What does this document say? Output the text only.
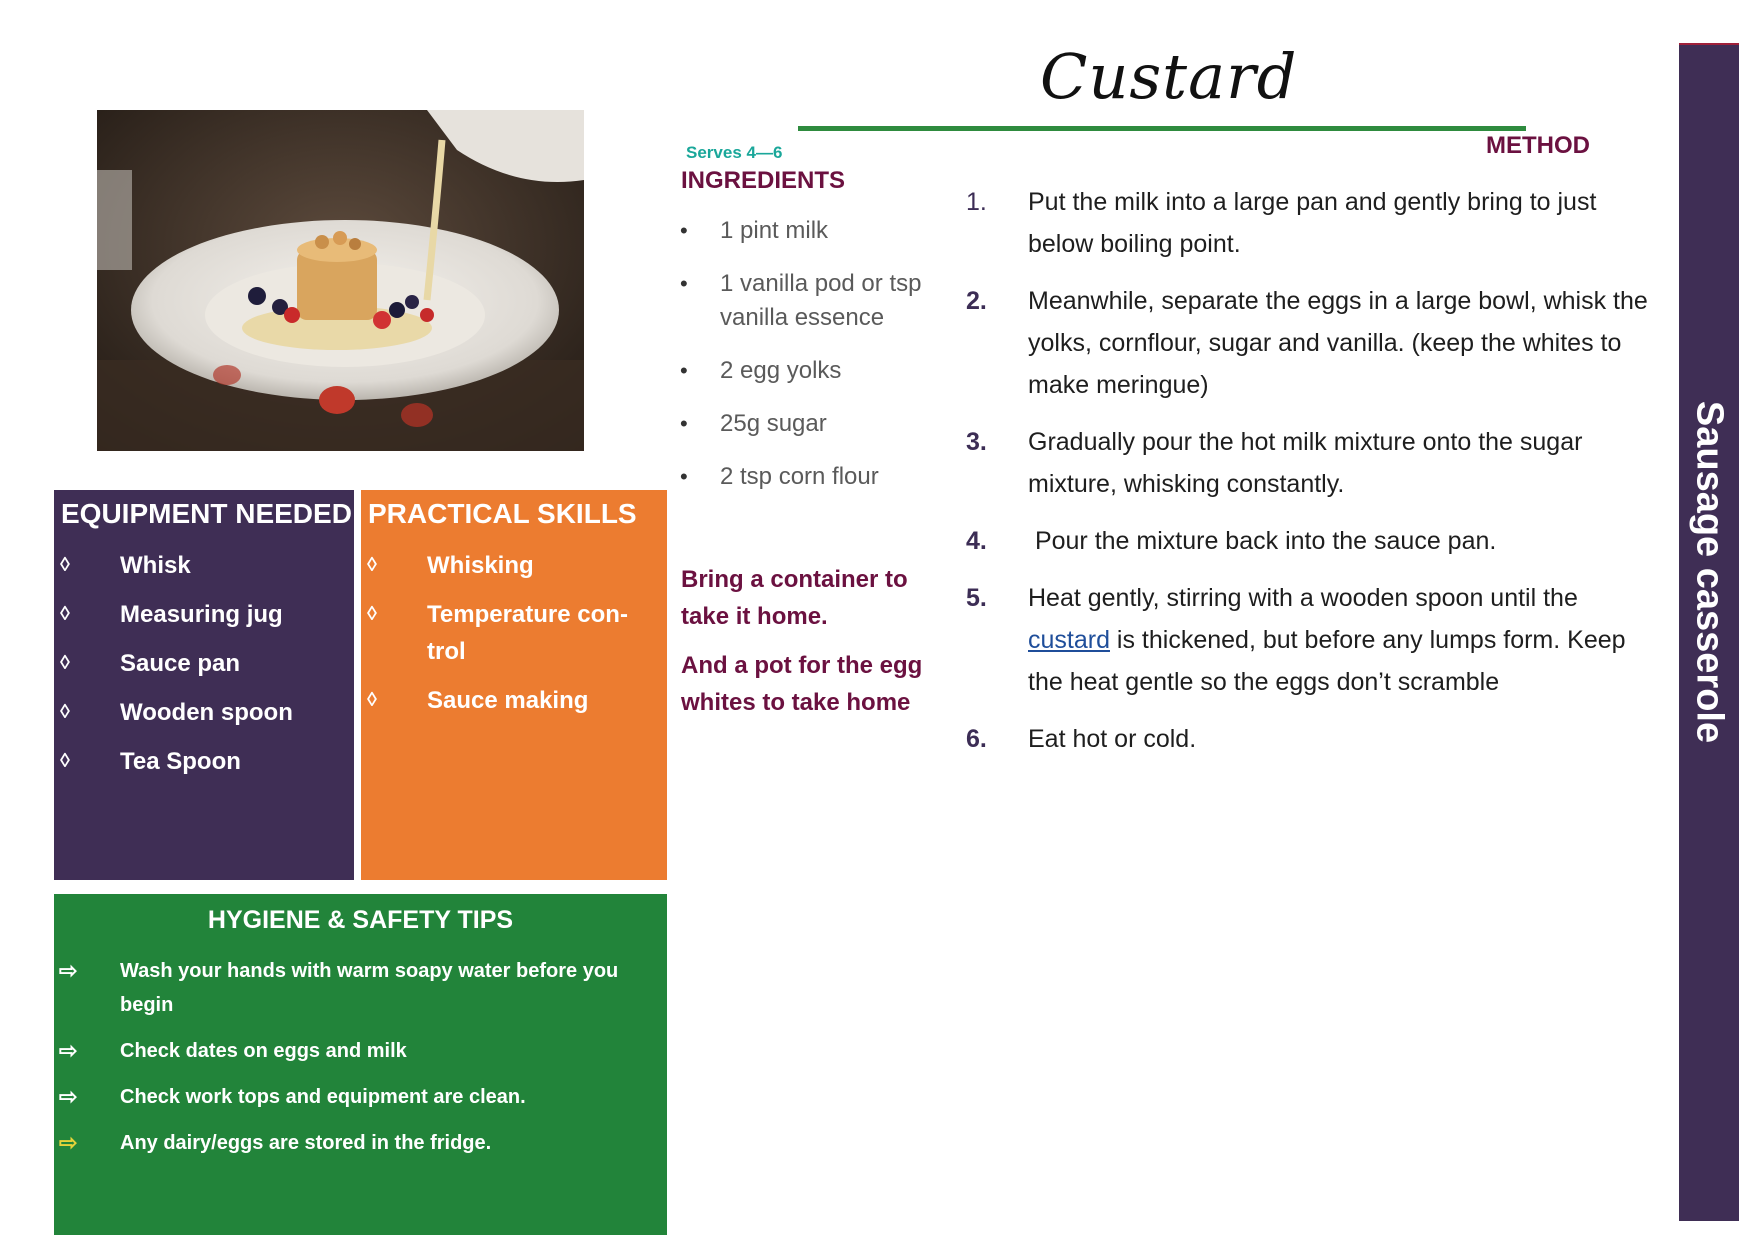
Custard
Serves 4—6
INGREDIENTS
• 1 pint milk
• 1 vanilla pod or tsp vanilla essence
• 2 egg yolks
• 25g sugar
• 2 tsp corn flour

Bring a container to take it home.

And a pot for the egg whites to take home

METHOD
1. Put the milk into a large pan and gently bring to just below boiling point.
2. Meanwhile, separate the eggs in a large bowl, whisk the yolks, cornflour, sugar and vanilla. (keep the whites to make meringue)
3. Gradually pour the hot milk mixture onto the sugar mixture, whisking constantly.
4. Pour the mixture back into the sauce pan.
5. Heat gently, stirring with a wooden spoon until the custard is thickened, but before any lumps form. Keep the heat gentle so the eggs don’t scramble
6. Eat hot or cold.	Sausage casserole
EQUIPMENT NEEDED
◊ Whisk
◊ Measuring jug
◊ Sauce pan
◊ Wooden spoon
◊ Tea Spoon
PRACTICAL SKILLS
◊ Whisking
◊ Temperature con-trol
◊ Sauce making
HYGIENE & SAFETY TIPS
⇨ Wash your hands with warm soapy water before you begin
⇨ Check dates on eggs and milk
⇨ Check work tops and equipment are clean.
⇨ Any dairy/eggs are stored in the fridge.
